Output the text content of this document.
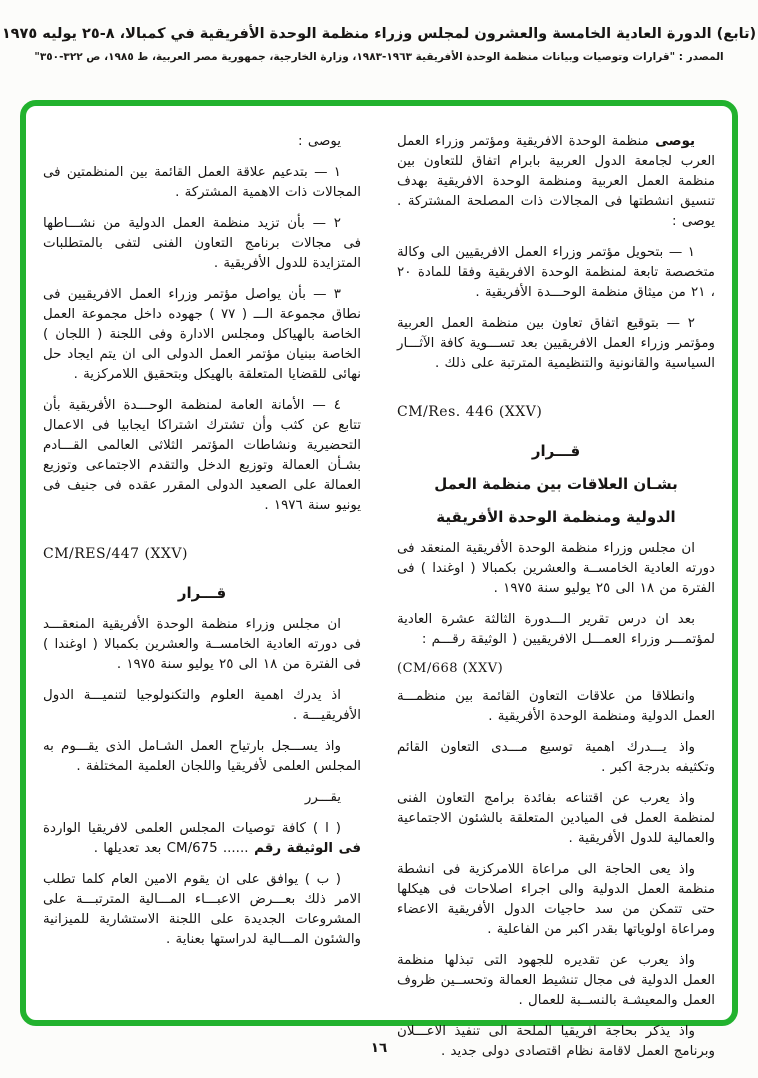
(تابع) الدورة العادية الخامسة والعشرون لمجلس وزراء منظمة الوحدة الأفريقية في كمبالا، ٨-٢٥ يوليه ١٩٧٥
المصدر : "قرارات وتوصيات وبيانات منظمة الوحدة الأفريقية ١٩٦٣-١٩٨٣، وزارة الخارجية، جمهورية مصر العربية، ط ١٩٨٥، ص ٣٢٢-٣٥٠"
يوصى منظمة الوحدة الافريقية ومؤتمر وزراء العمل العرب لجامعة الدول العربية بابرام اتفاق للتعاون بين منظمة العمل العربية ومنظمة الوحدة الافريقية بهدف تنسيق انشطتها فى المجالات ذات المصلحة المشتركة . يوصى :
١ — بتحويل مؤتمر وزراء العمل الافريقيين الى وكالة متخصصة تابعة لمنظمة الوحدة الافريقية وفقا للمادة ٢٠ ، ٢١ من ميثاق منظمة الوحـــدة الأفريقية .
٢ — بتوقيع اتفاق تعاون بين منظمة العمل العربية ومؤتمر وزراء العمل الافريقيين بعد تســـوية كافة الآثـــار السياسية والقانونية والتنظيمية المترتبة على ذلك .
CM/Res. 446 (XXV)
قـــرار
بشـان العلاقات بين منظمة العمل
الدولية ومنظمة الوحدة الأفريقية
ان مجلس وزراء منظمة الوحدة الأفريقية المنعقد فى دورته العادية الخامســة والعشرين بكمبالا ( اوغندا ) فى الفترة من ١٨ الى ٢٥ يوليو سنة ١٩٧٥ .
بعد ان درس تقرير الـــدورة الثالثة عشرة العادية لمؤتمـــر وزراء العمـــل الافريقيين ( الوثيقة رقـــم :
(CM/668 (XXV)
وانطلاقا من علاقات التعاون القائمة بين منظمـــة العمل الدولية ومنظمة الوحدة الأفريقية .
واذ يـــدرك اهمية توسيع مـــدى التعاون القائم وتكثيفه بدرجة اكبر .
واذ يعرب عن اقتناعه بفائدة برامج التعاون الفنى لمنظمة العمل فى الميادين المتعلقة بالشئون الاجتماعية والعمالية للدول الأفريقية .
واذ يعى الحاجة الى مراعاة اللامركزية فى انشطة منظمة العمل الدولية والى اجراء اصلاحات فى هيكلها حتى تتمكن من سد حاجيات الدول الأفريقية الاعضاء ومراعاة اولوياتها بقدر اكبر من الفاعلية .
واذ يعرب عن تقديره للجهود التى تبذلها منظمة العمل الدولية فى مجال تنشيط العمالة وتحســين ظروف العمل والمعيشـة بالنســبة للعمال .
واذ يذكر بحاجة افريقيا الملحة الى تنفيذ الاعـــلان وبرنامج العمل لاقامة نظام اقتصادى دولى جديد .
يوصى :
١ — بتدعيم علاقة العمل القائمة بين المنظمتين فى المجالات ذات الاهمية المشتركة .
٢ — بأن تزيد منظمة العمل الدولية من نشـــاطها فى مجالات برنامج التعاون الفنى لتفى بالمتطلبات المتزايدة للدول الأفريقية .
٣ — بأن يواصل مؤتمر وزراء العمل الافريقيين فى نطاق مجموعة الـــ ( ٧٧ ) جهوده داخل مجموعة العمل الخاصة بالهياكل ومجلس الادارة وفى اللجنة ( اللجان ) الخاصة ببنيان مؤتمر العمل الدولى الى ان يتم ايجاد حل نهائى للقضايا المتعلقة بالهيكل وبتحقيق اللامركزية .
٤ — الأمانة العامة لمنظمة الوحـــدة الأفريقية بأن تتابع عن كثب وأن تشترك اشتراكا ايجابيا فى الاعمال التحضيرية ونشاطات المؤتمر الثلاثى العالمى القـــادم بشـأن العمالة وتوزيع الدخل والتقدم الاجتماعى وتوزيع العمالة على الصعيد الدولى المقرر عقده فى جنيف فى يونيو سنة ١٩٧٦ .
CM/RES/447 (XXV)
قـــرار
ان مجلس وزراء منظمة الوحدة الأفريقية المنعقـــد فى دورته العادية الخامســة والعشرين بكمبالا ( اوغندا ) فى الفترة من ١٨ الى ٢٥ يوليو سنة ١٩٧٥ .
اذ يدرك اهمية العلوم والتكنولوجيا لتنميـــة الدول الأفريقيـــة .
واذ يســـجل بارتياح العمل الشـامل الذى يقـــوم به المجلس العلمى لأفريقيا واللجان العلمية المختلفة .
يقـــرر
( ا ) كافة توصيات المجلس العلمى لافريقيا الواردة فى الوثيقة رقم ...... CM/675 بعد تعديلها .
( ب ) يوافق على ان يقوم الامين العام كلما تطلب الامر ذلك بعـــرض الاعبـــاء المـــالية المترتبـــة على المشروعات الجديدة على اللجنة الاستشارية للميزانية والشئون المـــالية لدراستها بعناية .
١٦
